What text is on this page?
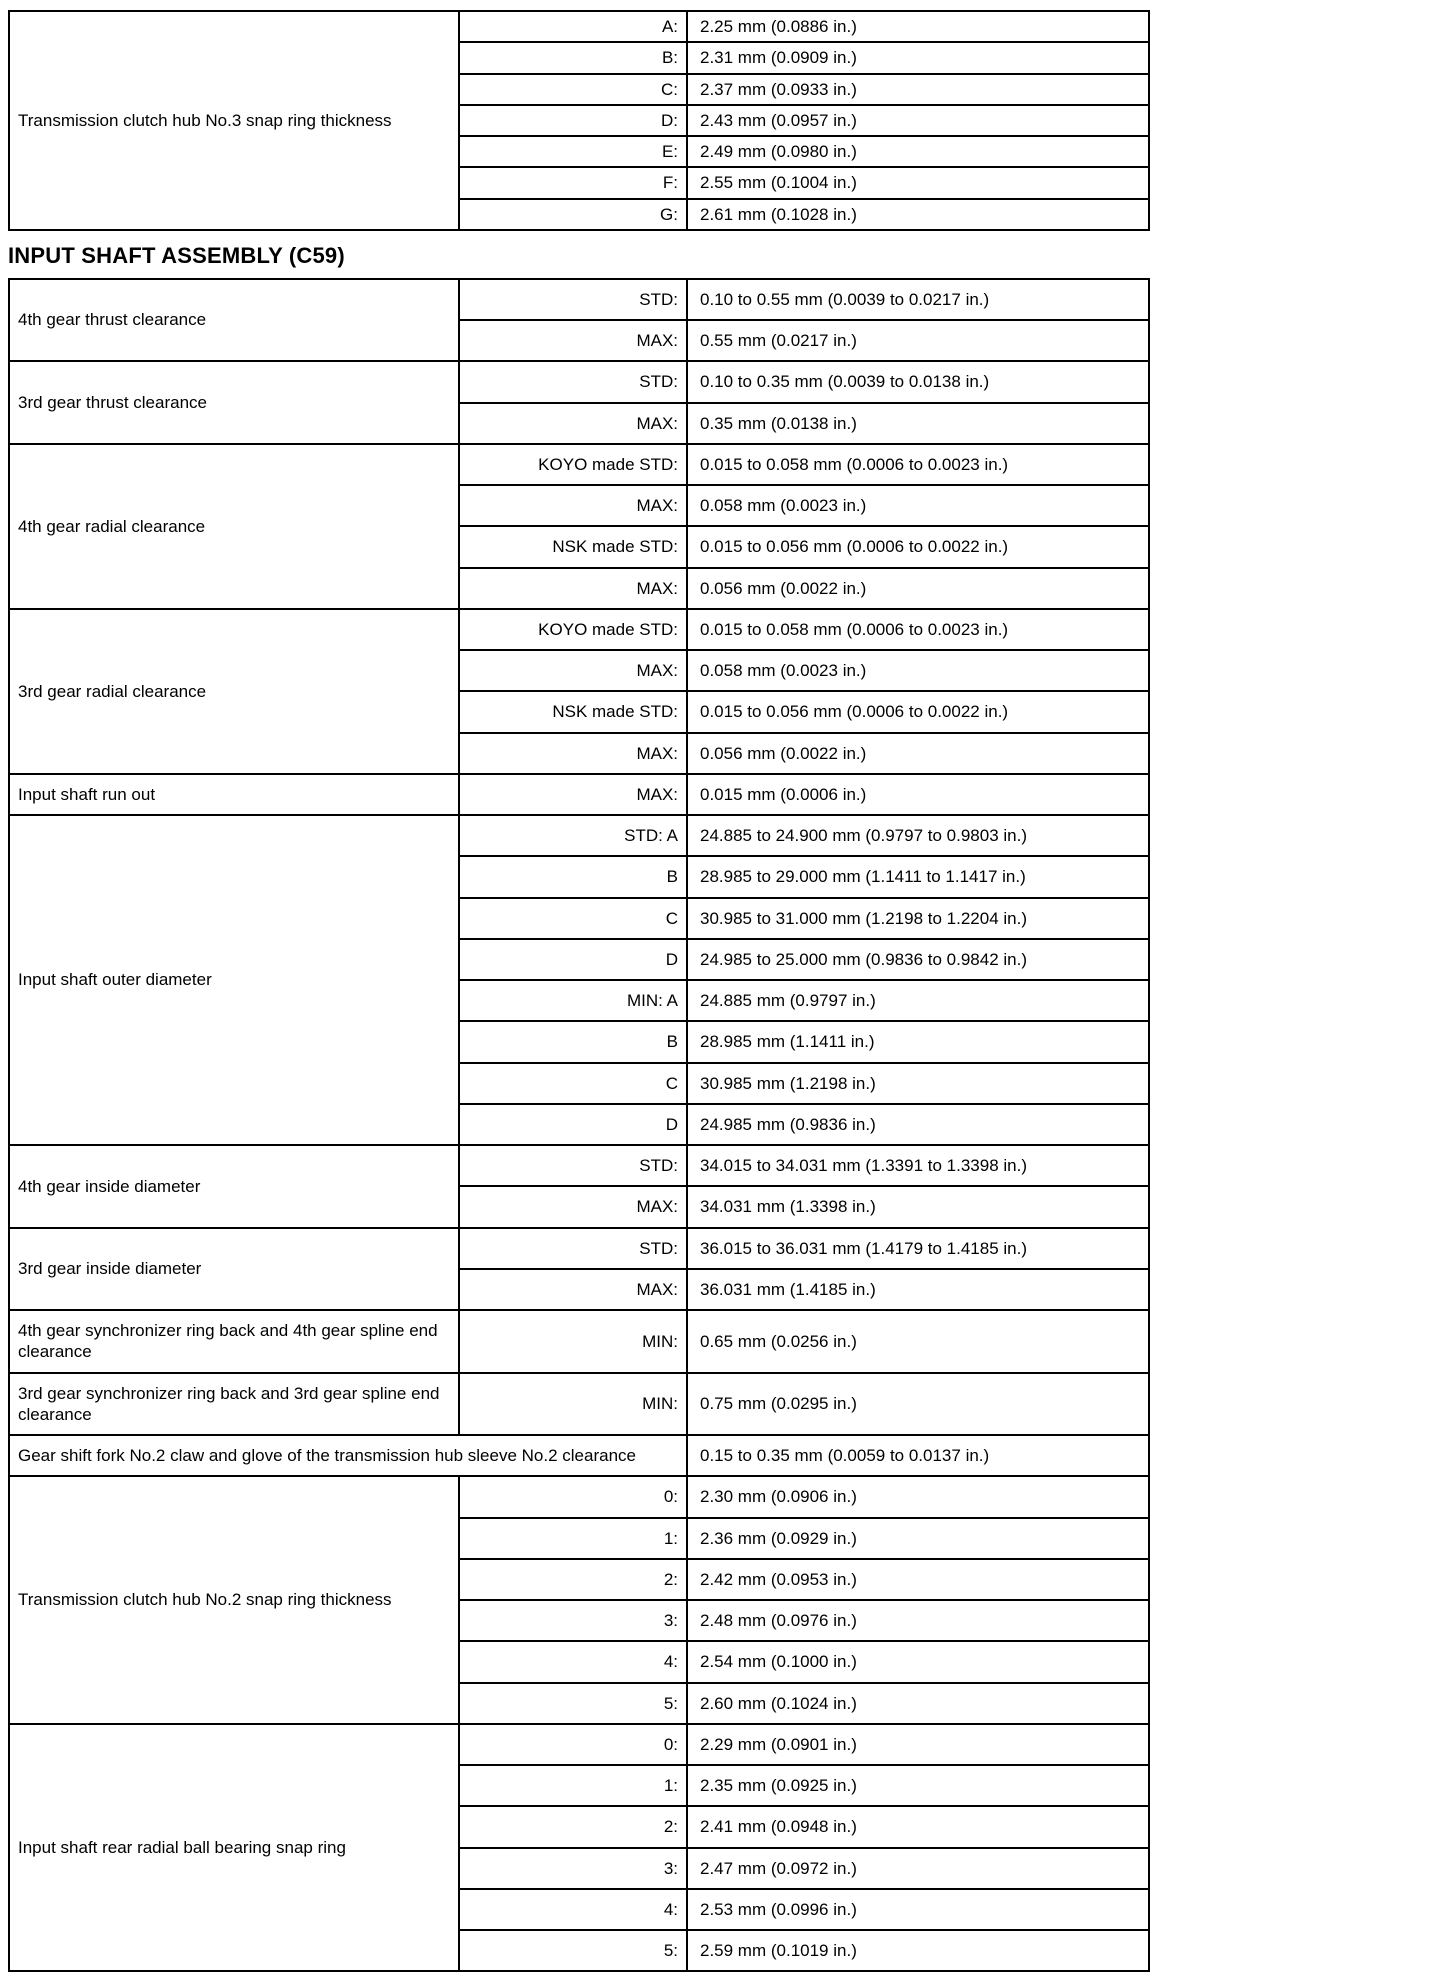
Transmission clutch hub No.3 snap ring thickness	A:	2.25 mm (0.0886 in.)
	B:	2.31 mm (0.0909 in.)
	C:	2.37 mm (0.0933 in.)
	D:	2.43 mm (0.0957 in.)
	E:	2.49 mm (0.0980 in.)
	F:	2.55 mm (0.1004 in.)
	G:	2.61 mm (0.1028 in.)
INPUT SHAFT ASSEMBLY (C59)
4th gear thrust clearance	STD:	0.10 to 0.55 mm (0.0039 to 0.0217 in.)
	MAX:	0.55 mm (0.0217 in.)
3rd gear thrust clearance	STD:	0.10 to 0.35 mm (0.0039 to 0.0138 in.)
	MAX:	0.35 mm (0.0138 in.)
4th gear radial clearance	KOYO made STD:	0.015 to 0.058 mm (0.0006 to 0.0023 in.)
	MAX:	0.058 mm (0.0023 in.)
	NSK made STD:	0.015 to 0.056 mm (0.0006 to 0.0022 in.)
	MAX:	0.056 mm (0.0022 in.)
3rd gear radial clearance	KOYO made STD:	0.015 to 0.058 mm (0.0006 to 0.0023 in.)
	MAX:	0.058 mm (0.0023 in.)
	NSK made STD:	0.015 to 0.056 mm (0.0006 to 0.0022 in.)
	MAX:	0.056 mm (0.0022 in.)
Input shaft run out	MAX:	0.015 mm (0.0006 in.)
Input shaft outer diameter	STD: A	24.885 to 24.900 mm (0.9797 to 0.9803 in.)
	B	28.985 to 29.000 mm (1.1411 to 1.1417 in.)
	C	30.985 to 31.000 mm (1.2198 to 1.2204 in.)
	D	24.985 to 25.000 mm (0.9836 to 0.9842 in.)
	MIN: A	24.885 mm (0.9797 in.)
	B	28.985 mm (1.1411 in.)
	C	30.985 mm (1.2198 in.)
	D	24.985 mm (0.9836 in.)
4th gear inside diameter	STD:	34.015 to 34.031 mm (1.3391 to 1.3398 in.)
	MAX:	34.031 mm (1.3398 in.)
3rd gear inside diameter	STD:	36.015 to 36.031 mm (1.4179 to 1.4185 in.)
	MAX:	36.031 mm (1.4185 in.)
4th gear synchronizer ring back and 4th gear spline end clearance	MIN:	0.65 mm (0.0256 in.)
3rd gear synchronizer ring back and 3rd gear spline end clearance	MIN:	0.75 mm (0.0295 in.)
Gear shift fork No.2 claw and glove of the transmission hub sleeve No.2 clearance		0.15 to 0.35 mm (0.0059 to 0.0137 in.)
Transmission clutch hub No.2 snap ring thickness	0:	2.30 mm (0.0906 in.)
	1:	2.36 mm (0.0929 in.)
	2:	2.42 mm (0.0953 in.)
	3:	2.48 mm (0.0976 in.)
	4:	2.54 mm (0.1000 in.)
	5:	2.60 mm (0.1024 in.)
Input shaft rear radial ball bearing snap ring	0:	2.29 mm (0.0901 in.)
	1:	2.35 mm (0.0925 in.)
	2:	2.41 mm (0.0948 in.)
	3:	2.47 mm (0.0972 in.)
	4:	2.53 mm (0.0996 in.)
	5:	2.59 mm (0.1019 in.)
